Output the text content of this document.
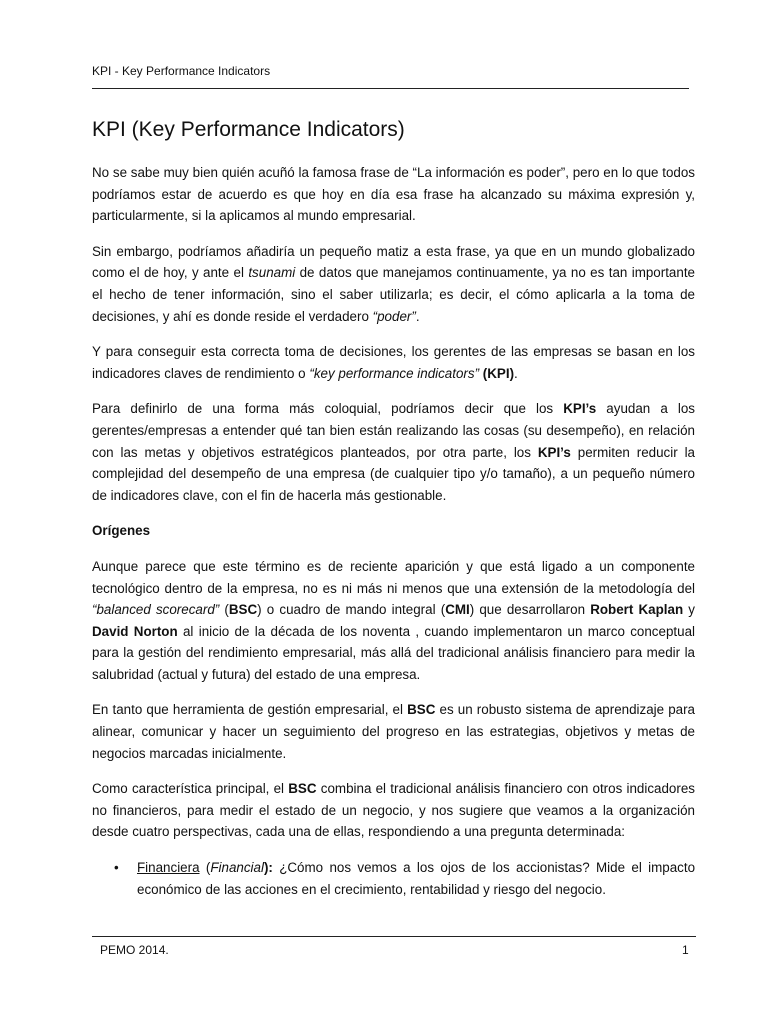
KPI - Key Performance Indicators
KPI (Key Performance Indicators)

No se sabe muy bien quién acuñó la famosa frase de “La información es poder”, pero en lo que todos podríamos estar de acuerdo es que hoy en día esa frase ha alcanzado su máxima expresión y, particularmente, si la aplicamos al mundo empresarial.

Sin embargo, podríamos añadiría un pequeño matiz a esta frase, ya que en un mundo globalizado como el de hoy, y ante el tsunami de datos que manejamos continuamente, ya no es tan importante el hecho de tener información, sino el saber utilizarla; es decir, el cómo aplicarla a la toma de decisiones, y ahí es donde reside el verdadero “poder”.

Y para conseguir esta correcta toma de decisiones, los gerentes de las empresas se basan en los indicadores claves de rendimiento o “key performance indicators” (KPI).

Para definirlo de una forma más coloquial, podríamos decir que los KPI’s ayudan a los gerentes/empresas a entender qué tan bien están realizando las cosas (su desempeño), en relación con las metas y objetivos estratégicos planteados, por otra parte, los KPI’s permiten reducir la complejidad del desempeño de una empresa (de cualquier tipo y/o tamaño), a un pequeño número de indicadores clave, con el fin de hacerla más gestionable.

Orígenes

Aunque parece que este término es de reciente aparición y que está ligado a un componente tecnológico dentro de la empresa, no es ni más ni menos que una extensión de la metodología del “balanced scorecard” (BSC) o cuadro de mando integral (CMI) que desarrollaron Robert Kaplan y David Norton al inicio de la década de los noventa , cuando implementaron un marco conceptual para la gestión del rendimiento empresarial, más allá del tradicional análisis financiero para medir la salubridad (actual y futura) del estado de una empresa.

En tanto que herramienta de gestión empresarial, el BSC es un robusto sistema de aprendizaje para alinear, comunicar y hacer un seguimiento del progreso en las estrategias, objetivos y metas de negocios marcadas inicialmente.

Como característica principal, el BSC combina el tradicional análisis financiero con otros indicadores no financieros, para medir el estado de un negocio, y nos sugiere que veamos a la organización desde cuatro perspectivas, cada una de ellas, respondiendo a una pregunta determinada:

• Financiera (Financial): ¿Cómo nos vemos a los ojos de los accionistas? Mide el impacto económico de las acciones en el crecimiento, rentabilidad y riesgo del negocio.
PEMO 2014.	1
